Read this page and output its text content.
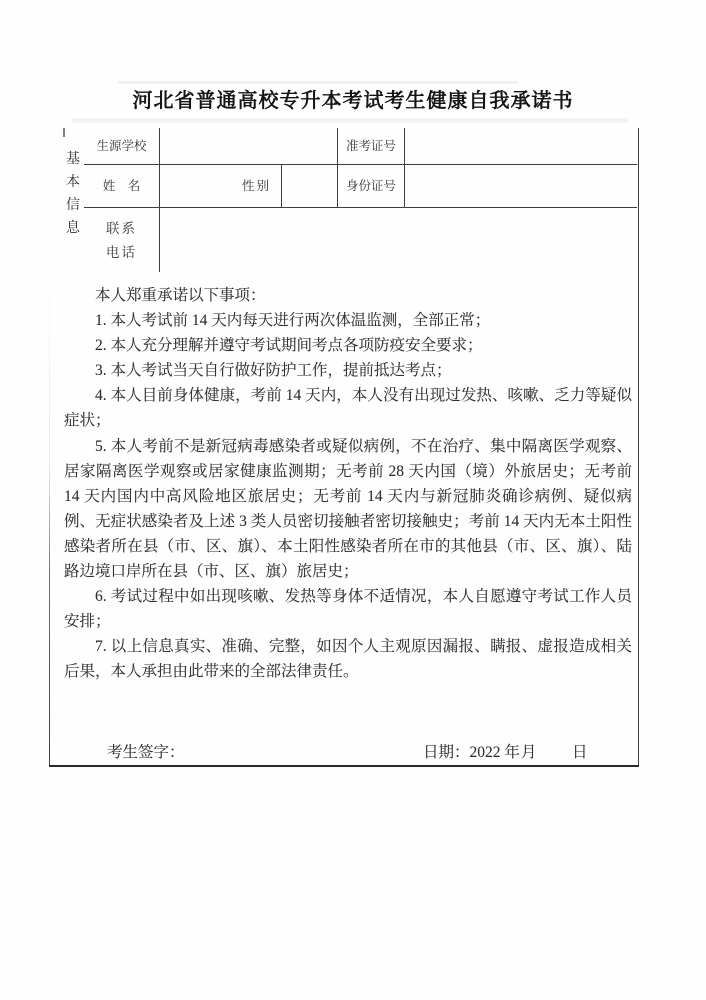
河北省普通高校专升本考试考生健康自我承诺书
基
本
信
息
生源学校	准考证号
姓　名	性别	身份证号
联系
电话

本人郑重承诺以下事项：

1. 本人考试前 14 天内每天进行两次体温监测，全部正常；

2. 本人充分理解并遵守考试期间考点各项防疫安全要求；

3. 本人考试当天自行做好防护工作，提前抵达考点；

4. 本人目前身体健康，考前 14 天内，本人没有出现过发热、咳嗽、乏力等疑似症状；

5. 本人考前不是新冠病毒感染者或疑似病例，不在治疗、集中隔离医学观察、居家隔离医学观察或居家健康监测期；无考前 28 天内国（境）外旅居史；无考前 14 天内国内中高风险地区旅居史；无考前 14 天内与新冠肺炎确诊病例、疑似病例、无症状感染者及上述 3 类人员密切接触者密切接触史；考前 14 天内无本土阳性感染者所在县（市、区、旗）、本土阳性感染者所在市的其他县（市、区、旗）、陆路边境口岸所在县（市、区、旗）旅居史；

6. 考试过程中如出现咳嗽、发热等身体不适情况，本人自愿遵守考试工作人员安排；

7. 以上信息真实、准确、完整，如因个人主观原因漏报、瞒报、虚报造成相关后果，本人承担由此带来的全部法律责任。

考生签字：	日期：2022 年 月 日
